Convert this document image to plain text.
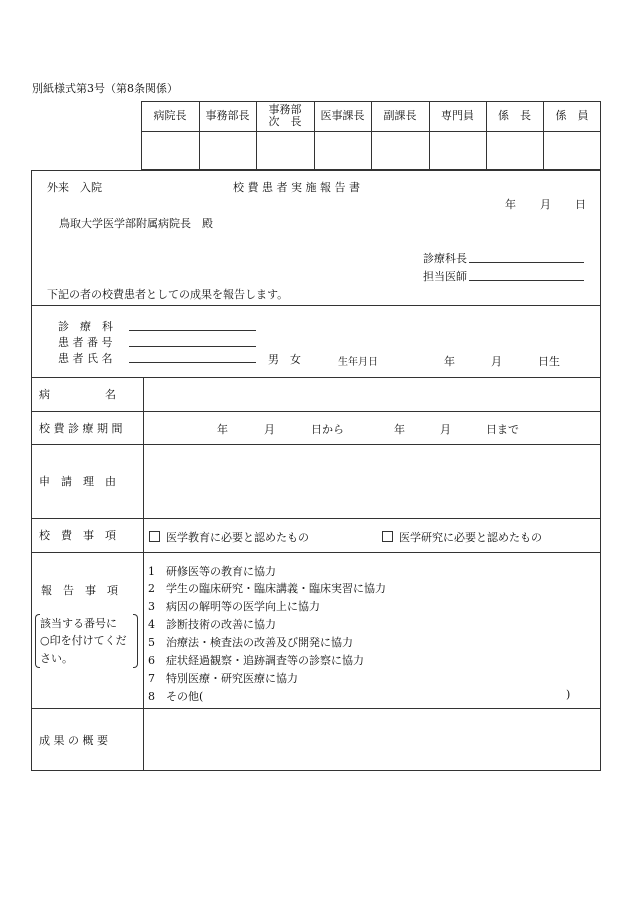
別紙様式第3号（第8条関係）
病院長	事務部長	事務部
次　長	医事課長	副課長	専門員	係　長	係　員
外来　入院	校 費 患 者 実 施 報 告 書
年 月 日
鳥取大学医学部附属病院長　殿
診療科長
担当医師
下記の者の校費患者としての成果を報告します。
診　療　科
患 者 番 号
患 者 氏 名	男　女	生年月日	年	月	日生
病　　　　　名
校 費 診 療 期 間	年	月	日から	年	月	日まで
申　請　理　由
校　費　事　項	医学教育に必要と認めたもの	医学研究に必要と認めたもの
報　告　事　項
該当する番号に
○印を付けてくだ
さい。
1　研修医等の教育に協力
2　学生の臨床研究・臨床講義・臨床実習に協力
3　病因の解明等の医学向上に協力
4　診断技術の改善に協力
5　治療法・検査法の改善及び開発に協力
6　症状経過観察・追跡調査等の診察に協力
7　特別医療・研究医療に協力
8　その他(	)
成 果 の 概 要
